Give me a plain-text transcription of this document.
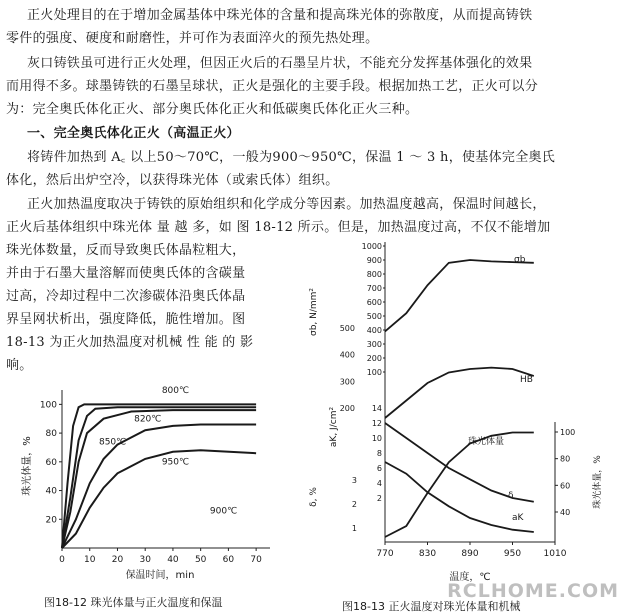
正火处理目的在于增加金属基体中珠光体的含量和提高珠光体的弥散度，从而提高铸铁
零件的强度、硬度和耐磨性，并可作为表面淬火的预先热处理。
灰口铸铁虽可进行正火处理，但因正火后的石墨呈片状，不能充分发挥基体强化的效果
而用得不多。球墨铸铁的石墨呈球状，正火是强化的主要手段。根据加热工艺，正火可以分
为：完全奥氏体化正火、部分奥氏体化正火和低碳奥氏体化正火三种。
一、完全奥氏体化正火（高温正火）
将铸件加热到 A꜀ 以上50～70℃，一般为900～950℃，保温 1 ～ 3 h，使基体完全奥氏
体化，然后出炉空冷，以获得珠光体（或索氏体）组织。
正火加热温度取决于铸铁的原始组织和化学成分等因素。加热温度越高，保温时间越长，
正火后基体组织中珠光体 量 越 多，如 图 18-12 所示。但是，加热温度过高，不仅不能增加
珠光体数量，反而导致奥氏体晶粒粗大，
并由于石墨大量溶解而使奥氏体的含碳量
过高，冷却过程中二次渗碳体沿奥氏体晶
界呈网状析出，强度降低，脆性增加。图
18-13 为正火加热温度对机械 性 能 的 影
响。
珠光体量，%
保温时间，min
0 10 20 30 40 50 60 70
20
40
60
80
100
900℃
950℃
850℃
820℃
800℃
图18-12 珠光体量与正火温度和保温
σb, N/mm²
aK, J/cm²
δ, %	珠光体量，%
温度，℃
770	830	890	950 1010
1000
900
800
700
600
500
400
300
200
100
500
400
300
200 14
12
10
8
6
4
2
3
2
1
100
80
60
40
σb
HB
珠光体量
δ
aK
图18-13 正火温度对珠光体量和机械
RCLHOME.COM
